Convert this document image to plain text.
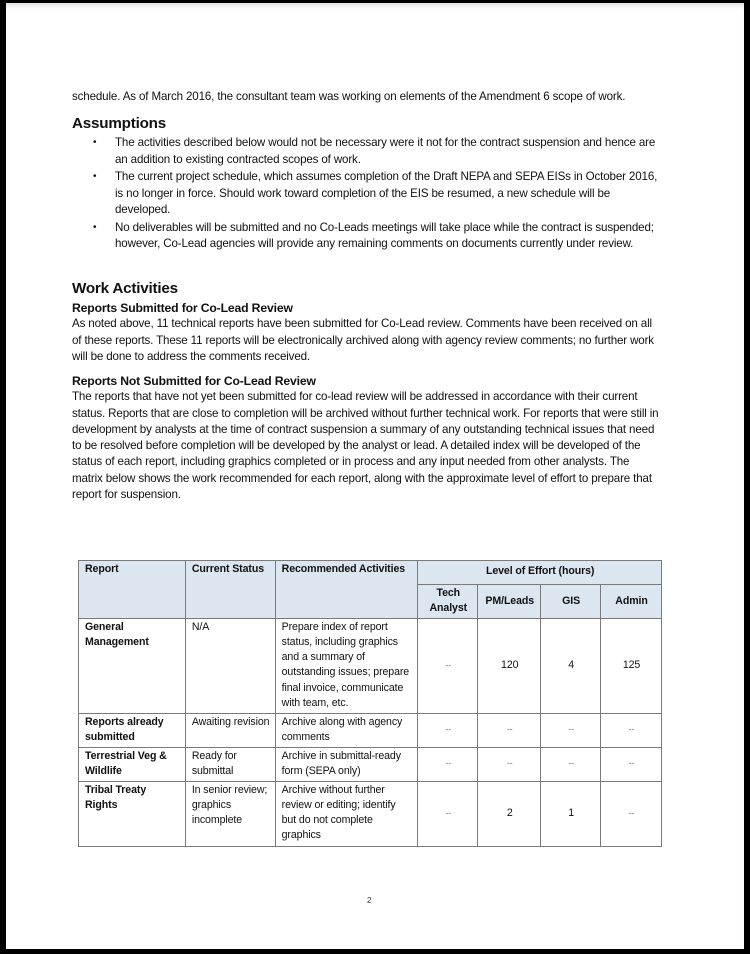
schedule. As of March 2016, the consultant team was working on elements of the Amendment 6 scope of work.

Assumptions
• The activities described below would not be necessary were it not for the contract suspension and hence are an addition to existing contracted scopes of work.
• The current project schedule, which assumes completion of the Draft NEPA and SEPA EISs in October 2016, is no longer in force. Should work toward completion of the EIS be resumed, a new schedule will be developed.
• No deliverables will be submitted and no Co-Leads meetings will take place while the contract is suspended; however, Co-Lead agencies will provide any remaining comments on documents currently under review.
Work Activities
Reports Submitted for Co-Lead Review

As noted above, 11 technical reports have been submitted for Co-Lead review. Comments have been received on all of these reports. These 11 reports will be electronically archived along with agency review comments; no further work will be done to address the comments received.

Reports Not Submitted for Co-Lead Review

The reports that have not yet been submitted for co-lead review will be addressed in accordance with their current status. Reports that are close to completion will be archived without further technical work. For reports that were still in development by analysts at the time of contract suspension a summary of any outstanding technical issues that need to be resolved before completion will be developed by the analyst or lead. A detailed index will be developed of the status of each report, including graphics completed or in process and any input needed from other analysts. The matrix below shows the work recommended for each report, along with the approximate level of effort to prepare that report for suspension.

Report	Current Status	Recommended Activities	Level of Effort (hours)			
			Tech Analyst	PM/Leads	GIS	Admin
General Management	N/A	Prepare index of report status, including graphics and a summary of outstanding issues; prepare final invoice, communicate with team, etc.	--	120	4	125
Reports already submitted	Awaiting revision	Archive along with agency comments	--	--	--	--
Terrestrial Veg & Wildlife	Ready for submittal	Archive in submittal-ready form (SEPA only)	--	--	--	--
Tribal Treaty Rights	In senior review; graphics incomplete	Archive without further review or editing; identify but do not complete graphics	--	2	1	--
2
